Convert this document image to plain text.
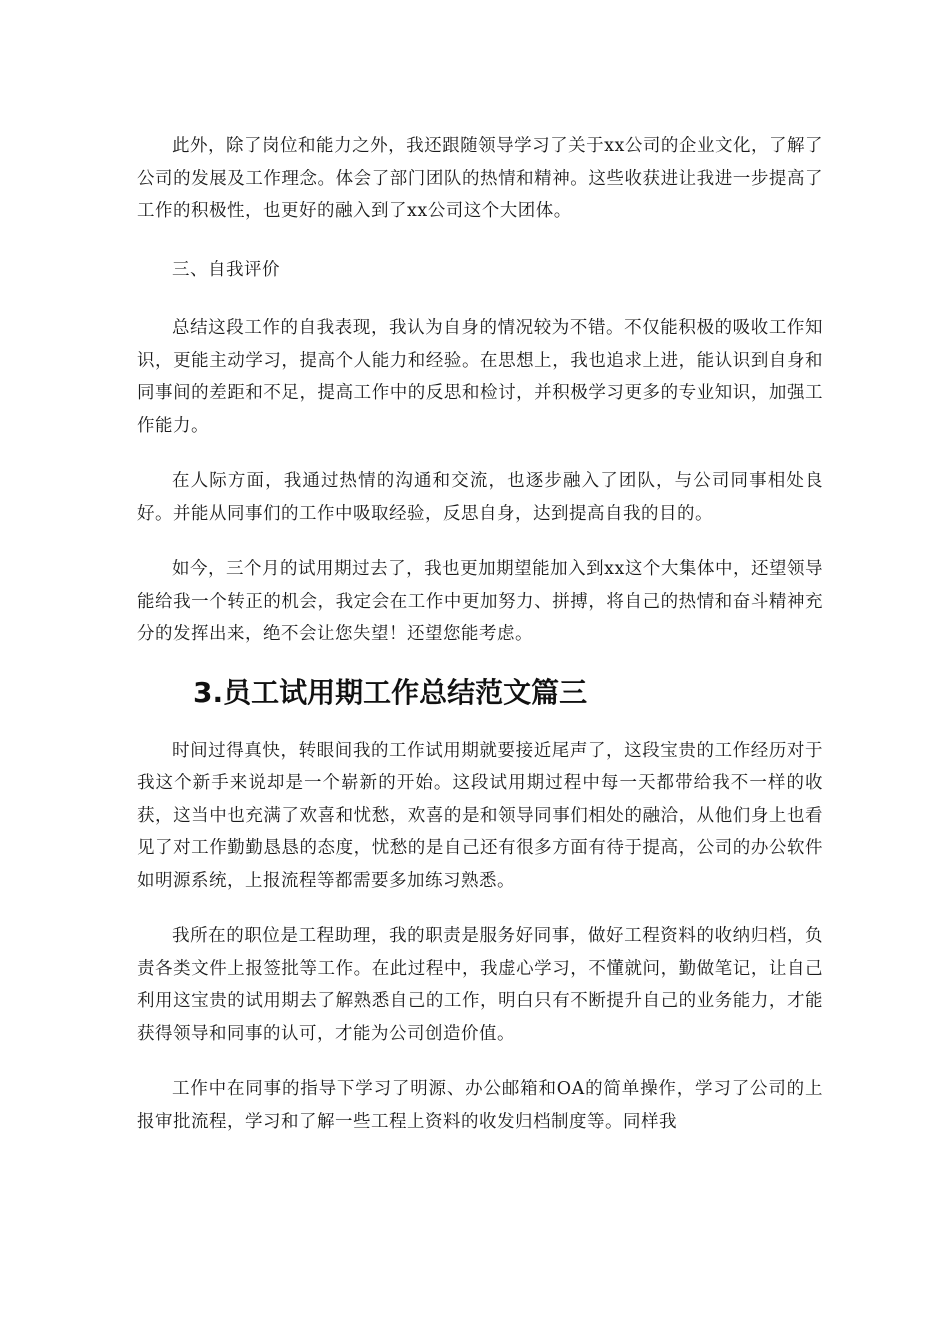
此外，除了岗位和能力之外，我还跟随领导学习了关于xx公司的企业文化，了解了公司的发展及工作理念。体会了部门团队的热情和精神。这些收获进让我进一步提高了工作的积极性，也更好的融入到了xx公司这个大团体。

三、自我评价

总结这段工作的自我表现，我认为自身的情况较为不错。不仅能积极的吸收工作知识，更能主动学习，提高个人能力和经验。在思想上，我也追求上进，能认识到自身和同事间的差距和不足，提高工作中的反思和检讨，并积极学习更多的专业知识，加强工作能力。

在人际方面，我通过热情的沟通和交流，也逐步融入了团队，与公司同事相处良好。并能从同事们的工作中吸取经验，反思自身，达到提高自我的目的。

如今，三个月的试用期过去了，我也更加期望能加入到xx这个大集体中，还望领导能给我一个转正的机会，我定会在工作中更加努力、拼搏，将自己的热情和奋斗精神充分的发挥出来，绝不会让您失望！还望您能考虑。

3.员工试用期工作总结范文篇三

时间过得真快，转眼间我的工作试用期就要接近尾声了，这段宝贵的工作经历对于我这个新手来说却是一个崭新的开始。这段试用期过程中每一天都带给我不一样的收获，这当中也充满了欢喜和忧愁，欢喜的是和领导同事们相处的融洽，从他们身上也看见了对工作勤勤恳恳的态度，忧愁的是自己还有很多方面有待于提高，公司的办公软件如明源系统，上报流程等都需要多加练习熟悉。

我所在的职位是工程助理，我的职责是服务好同事，做好工程资料的收纳归档，负责各类文件上报签批等工作。在此过程中，我虚心学习，不懂就问，勤做笔记，让自己利用这宝贵的试用期去了解熟悉自己的工作，明白只有不断提升自己的业务能力，才能获得领导和同事的认可，才能为公司创造价值。

工作中在同事的指导下学习了明源、办公邮箱和OA的简单操作，学习了公司的上报审批流程，学习和了解一些工程上资料的收发归档制度等。同样我
